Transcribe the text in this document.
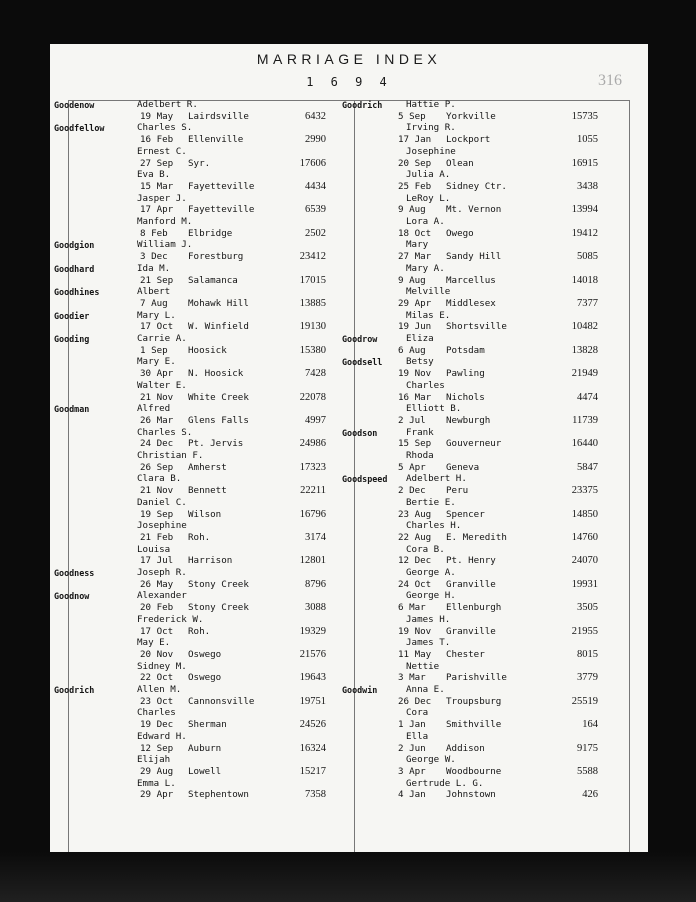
MARRIAGE INDEX
1 6 9 4	316
Goodenow	Adelbert R.
19 May Lairdsville	6432
Goodfellow	Charles S.
16 Feb Ellenville	2990
Ernest C.
27 Sep Syr.	17606
Eva B.
15 Mar Fayetteville	4434
Jasper J.
17 Apr Fayetteville	6539
Manford M.
8 Feb Elbridge	2502
Goodgion	William J.
3 Dec Forestburg	23412
Goodhard	Ida M.
21 Sep Salamanca	17015
Goodhines	Albert
7 Aug Mohawk Hill	13885
Goodier	Mary L.
17 Oct W. Winfield	19130
Gooding	Carrie A.
1 Sep Hoosick	15380
Mary E.
30 Apr N. Hoosick	7428
Walter E.
21 Nov White Creek	22078
Goodman	Alfred
26 Mar Glens Falls	4997
Charles S.
24 Dec Pt. Jervis	24986
Christian F.
26 Sep Amherst	17323
Clara B.
21 Nov Bennett	22211
Daniel C.
19 Sep Wilson	16796
Josephine
21 Feb Roh.	3174
Louisa
17 Jul Harrison	12801
Goodness	Joseph R.
26 May Stony Creek	8796
Goodnow	Alexander
20 Feb Stony Creek	3088
Frederick W.
17 Oct Roh.	19329
May E.
20 Nov Oswego	21576
Sidney M.
22 Oct Oswego	19643
Goodrich	Allen M.
23 Oct Cannonsville	19751
Charles
19 Dec Sherman	24526
Edward H.
12 Sep Auburn	16324
Elijah
29 Aug Lowell	15217
Emma L.
29 Apr Stephentown	7358
Goodrich	Hattie P.
5 Sep Yorkville	15735
Irving R.
17 Jan Lockport	1055
Josephine
20 Sep Olean	16915
Julia A.
25 Feb Sidney Ctr.	3438
LeRoy L.
9 Aug Mt. Vernon	13994
Lora A.
18 Oct Owego	19412
Mary
27 Mar Sandy Hill	5085
Mary A.
9 Aug Marcellus	14018
Melville
29 Apr Middlesex	7377
Milas E.
19 Jun Shortsville	10482
Goodrow	Eliza
6 Aug Potsdam	13828
Goodsell	Betsy
19 Nov Pawling	21949
Charles
16 Mar Nichols	4474
Elliott B.
2 Jul Newburgh	11739
Goodson	Frank
15 Sep Gouverneur	16440
Rhoda
5 Apr Geneva	5847
Goodspeed Adelbert H.
2 Dec Peru	23375
Bertie E.
23 Aug Spencer	14850
Charles H.
22 Aug E. Meredith	14760
Cora B.
12 Dec Pt. Henry	24070
George A.
24 Oct Granville	19931
George H.
6 Mar Ellenburgh	3505
James H.
19 Nov Granville	21955
James T.
11 May Chester	8015
Nettie
3 Mar Parishville	3779
Goodwin	Anna E.
26 Dec Troupsburg	25519
Cora
1 Jan Smithville	164
Ella
2 Jun Addison	9175
George W.
3 Apr Woodbourne	5588
Gertrude L. G.
4 Jan Johnstown	426
